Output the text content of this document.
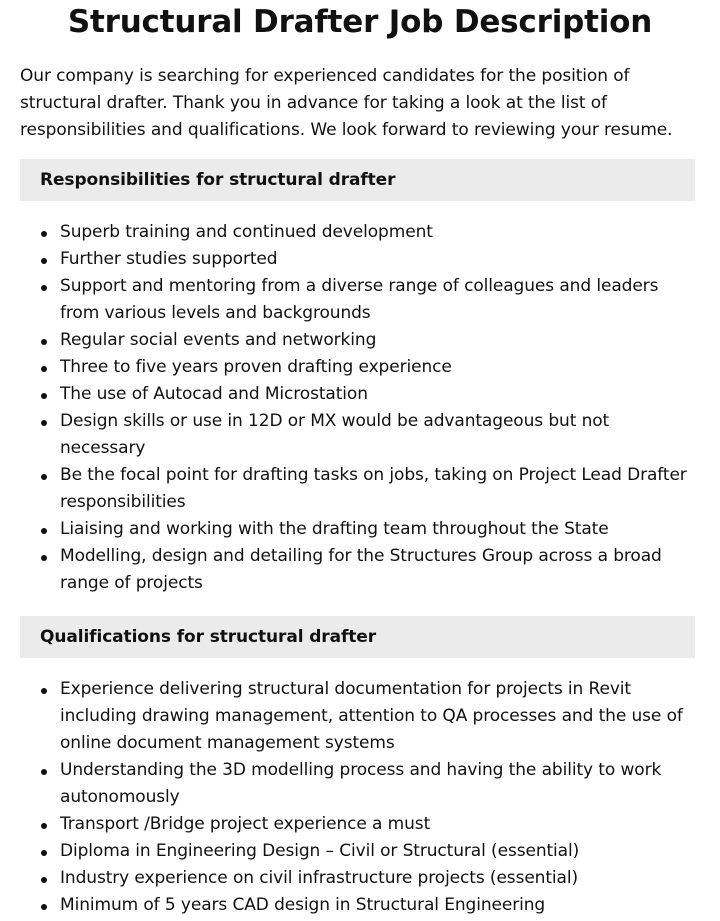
Structural Drafter Job Description

Our company is searching for experienced candidates for the position of structural drafter. Thank you in advance for taking a look at the list of responsibilities and qualifications. We look forward to reviewing your resume.

Responsibilities for structural drafter
Superb training and continued development
Further studies supported
Support and mentoring from a diverse range of colleagues and leaders from various levels and backgrounds
Regular social events and networking
Three to five years proven drafting experience
The use of Autocad and Microstation
Design skills or use in 12D or MX would be advantageous but not necessary
Be the focal point for drafting tasks on jobs, taking on Project Lead Drafter responsibilities
Liaising and working with the drafting team throughout the State
Modelling, design and detailing for the Structures Group across a broad range of projects
Qualifications for structural drafter
Experience delivering structural documentation for projects in Revit including drawing management, attention to QA processes and the use of online document management systems
Understanding the 3D modelling process and having the ability to work autonomously
Transport /Bridge project experience a must
Diploma in Engineering Design – Civil or Structural (essential)
Industry experience on civil infrastructure projects (essential)
Minimum of 5 years CAD design in Structural Engineering
